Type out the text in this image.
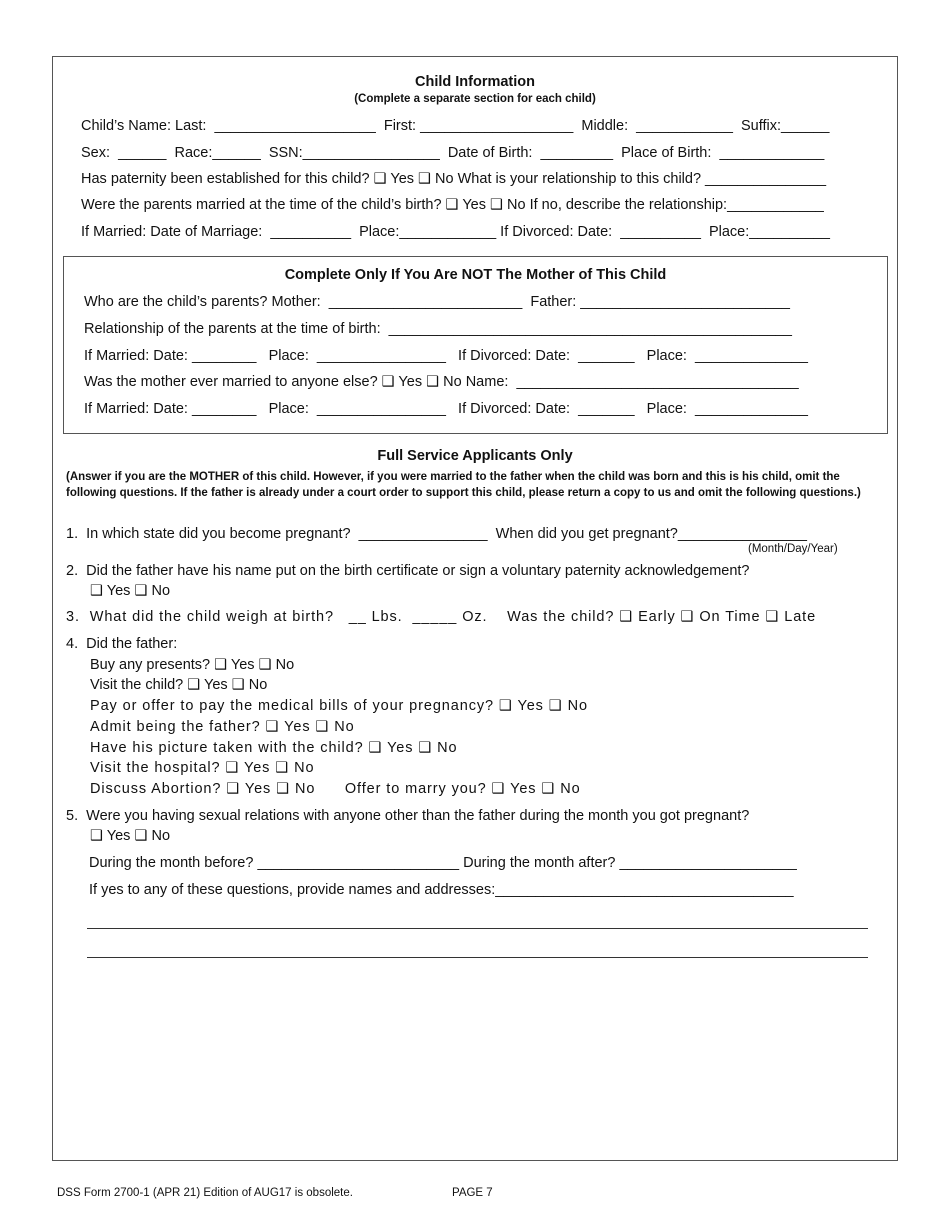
Child Information
(Complete a separate section for each child)
Child’s Name: Last:  ____________________  First: ___________________  Middle:  ____________  Suffix:______
Sex:  ______  Race:______  SSN:_________________  Date of Birth:  _________  Place of Birth:  _____________
Has paternity been established for this child? ❑ Yes ❑ No What is your relationship to this child? _______________
Were the parents married at the time of the child’s birth? ❑ Yes ❑ No If no, describe the relationship:____________
If Married: Date of Marriage:  __________  Place:____________ If Divorced: Date:  __________  Place:__________
Complete Only If You Are NOT The Mother of This Child
Who are the child’s parents? Mother:  ________________________  Father: __________________________
Relationship of the parents at the time of birth:  __________________________________________________
If Married: Date: ________   Place:  ________________   If Divorced: Date:  _______   Place:  ______________
Was the mother ever married to anyone else? ❑ Yes ❑ No Name:  ___________________________________
If Married: Date: ________   Place:  ________________   If Divorced: Date:  _______   Place:  ______________
Full Service Applicants Only
(Answer if you are the MOTHER of this child. However, if you were married to the father when the child was born and this is his child, omit the following questions. If the father is already under a court order to support this child, please return a copy to us and omit the following questions.)
1.  In which state did you become pregnant?  ________________  When did you get pregnant?________________
(Month/Day/Year)
2.  Did the father have his name put on the birth certificate or sign a voluntary paternity acknowledgement?
❑ Yes ❑ No
3.  What did the child weigh at birth?   __ Lbs.  _____ Oz.    Was the child? ❑ Early ❑ On Time ❑ Late
4.  Did the father:
Buy any presents? ❑ Yes ❑ No
Visit the child? ❑ Yes ❑ No
Pay or offer to pay the medical bills of your pregnancy? ❑ Yes ❑ No
Admit being the father? ❑ Yes ❑ No
Have his picture taken with the child? ❑ Yes ❑ No
Visit the hospital? ❑ Yes ❑ No
Discuss Abortion? ❑ Yes ❑ No      Offer to marry you? ❑ Yes ❑ No
5.  Were you having sexual relations with anyone other than the father during the month you got pregnant?
❑ Yes ❑ No
During the month before? _________________________ During the month after? ______________________
If yes to any of these questions, provide names and addresses:_____________________________________
DSS Form 2700-1 (APR 21) Edition of AUG17 is obsolete.	PAGE 7
